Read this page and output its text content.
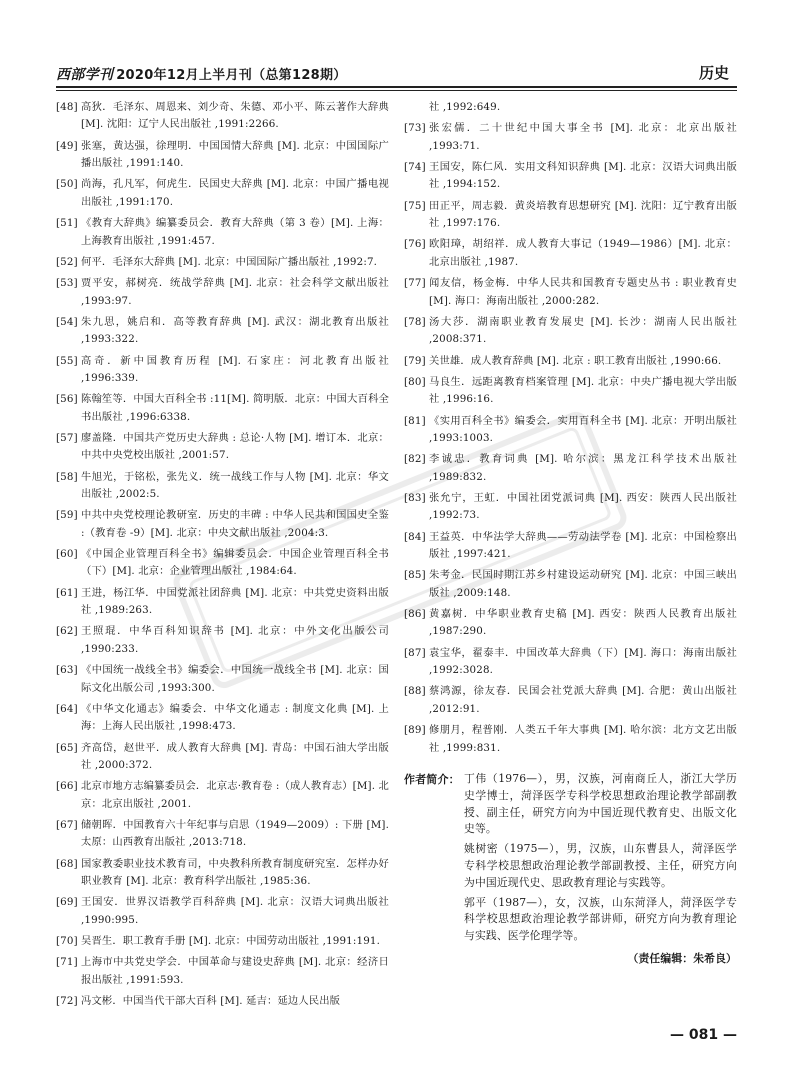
西部学刊 2020年12月上半月刊（总第128期）	历史
[48] 高狄．毛泽东、周恩来、刘少奇、朱德、邓小平、陈云著作大辞典 [M]. 沈阳：辽宁人民出版社 ,1991:2266.
[49] 张塞，黄达强，徐理明．中国国情大辞典 [M]. 北京：中国国际广播出版社 ,1991:140.
[50] 尚海，孔凡军，何虎生．民国史大辞典 [M]. 北京：中国广播电视出版社 ,1991:170.
[51] 《教育大辞典》编纂委员会．教育大辞典（第 3 卷）[M]. 上海：上海教育出版社 ,1991:457.
[52] 何平．毛泽东大辞典 [M]. 北京：中国国际广播出版社 ,1992:7.
[53] 贾平安，郝树亮．统战学辞典 [M]. 北京：社会科学文献出版社 ,1993:97.
[54] 朱九思，姚启和．高等教育辞典 [M]. 武汉：湖北教育出版社 ,1993:322.
[55] 高奇．新中国教育历程 [M]. 石家庄：河北教育出版社 ,1996:339.
[56] 陈翰笙等．中国大百科全书 :11[M]. 简明版．北京：中国大百科全书出版社 ,1996:6338.
[57] 廖盖隆．中国共产党历史大辞典 : 总论·人物 [M]. 增订本．北京：中共中央党校出版社 ,2001:57.
[58] 牛旭光，于铭松，张先义．统一战线工作与人物 [M]. 北京：华文出版社 ,2002:5.
[59] 中共中央党校理论教研室．历史的丰碑 : 中华人民共和国国史全鉴 :（教育卷 -9）[M]. 北京：中央文献出版社 ,2004:3.
[60] 《中国企业管理百科全书》编辑委员会．中国企业管理百科全书（下）[M]. 北京：企业管理出版社 ,1984:64.
[61] 王进，杨江华．中国党派社团辞典 [M]. 北京：中共党史资料出版社 ,1989:263.
[62] 王照琨．中华百科知识辞书 [M]. 北京：中外文化出版公司 ,1990:233.
[63] 《中国统一战线全书》编委会．中国统一战线全书 [M]. 北京：国际文化出版公司 ,1993:300.
[64] 《中华文化通志》编委会．中华文化通志 : 制度文化典 [M]. 上海：上海人民出版社 ,1998:473.
[65] 齐高岱，赵世平．成人教育大辞典 [M]. 青岛：中国石油大学出版社 ,2000:372.
[66] 北京市地方志编纂委员会．北京志·教育卷 :（成人教育志）[M]. 北京：北京出版社 ,2001.
[67] 储朝晖．中国教育六十年纪事与启思（1949—2009）: 下册 [M]. 太原：山西教育出版社 ,2013:718.
[68] 国家教委职业技术教育司，中央教科所教育制度研究室．怎样办好职业教育 [M]. 北京：教育科学出版社 ,1985:36.
[69] 王国安．世界汉语教学百科辞典 [M]. 北京：汉语大词典出版社 ,1990:995.
[70] 吴晋生．职工教育手册 [M]. 北京：中国劳动出版社 ,1991:191.
[71] 上海市中共党史学会．中国革命与建设史辞典 [M]. 北京：经济日报出版社 ,1991:593.
[72] 冯文彬．中国当代干部大百科 [M]. 延吉：延边人民出版
社 ,1992:649.
[73] 张宏儒．二十世纪中国大事全书 [M]. 北京：北京出版社 ,1993:71.
[74] 王国安，陈仁风．实用文科知识辞典 [M]. 北京：汉语大词典出版社 ,1994:152.
[75] 田正平，周志毅．黄炎培教育思想研究 [M]. 沈阳：辽宁教育出版社 ,1997:176.
[76] 欧阳璋，胡绍祥．成人教育大事记（1949—1986）[M]. 北京：北京出版社 ,1987.
[77] 闻友信，杨金梅．中华人民共和国教育专题史丛书 : 职业教育史 [M]. 海口：海南出版社 ,2000:282.
[78] 汤大莎．湖南职业教育发展史 [M]. 长沙：湖南人民出版社 ,2008:371.
[79] 关世雄．成人教育辞典 [M]. 北京 : 职工教育出版社 ,1990:66.
[80] 马良生．远距离教育档案管理 [M]. 北京：中央广播电视大学出版社 ,1996:16.
[81] 《实用百科全书》编委会．实用百科全书 [M]. 北京：开明出版社 ,1993:1003.
[82] 李诚忠．教育词典 [M]. 哈尔滨：黑龙江科学技术出版社 ,1989:832.
[83] 张允宁，王虹．中国社团党派词典 [M]. 西安：陕西人民出版社 ,1992:73.
[84] 王益英．中华法学大辞典——劳动法学卷 [M]. 北京：中国检察出版社 ,1997:421.
[85] 朱考金．民国时期江苏乡村建设运动研究 [M]. 北京：中国三峡出版社 ,2009:148.
[86] 黄嘉树．中华职业教育史稿 [M]. 西安：陕西人民教育出版社 ,1987:290.
[87] 袁宝华，翟泰丰．中国改革大辞典（下）[M]. 海口：海南出版社 ,1992:3028.
[88] 蔡鸿源，徐友春．民国会社党派大辞典 [M]. 合肥：黄山出版社 ,2012:91.
[89] 修朋月，程普刚．人类五千年大事典 [M]. 哈尔滨：北方文艺出版社 ,1999:831.
作者简介： 丁伟（1976—），男，汉族，河南商丘人，浙江大学历史学博士，菏泽医学专科学校思想政治理论教学部副教授、副主任，研究方向为中国近现代教育史、出版文化史等。
姚树密（1975—），男，汉族，山东曹县人，菏泽医学专科学校思想政治理论教学部副教授、主任，研究方向为中国近现代史、思政教育理论与实践等。
郭平（1987—），女，汉族，山东菏泽人，菏泽医学专科学校思想政治理论教学部讲师，研究方向为教育理论与实践、医学伦理学等。
（责任编辑：朱希良）
— 081 —
